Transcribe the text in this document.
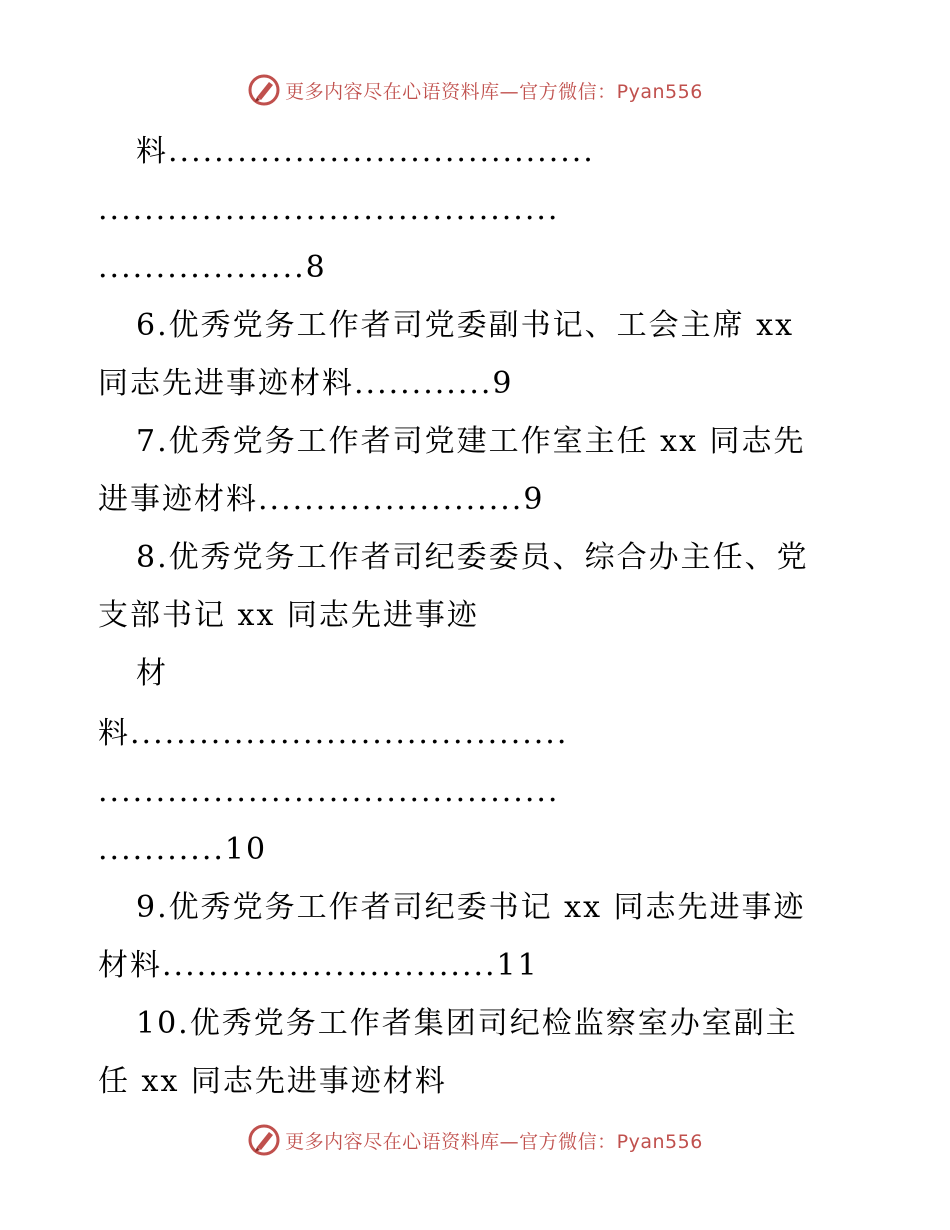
更多内容尽在心语资料库—官方微信：Pyan556
料.....................................
........................................
..................8
6.优秀党务工作者司党委副书记、工会主席 xx
同志先进事迹材料............9
7.优秀党务工作者司党建工作室主任 xx 同志先
进事迹材料.......................9
8.优秀党务工作者司纪委委员、综合办主任、党
支部书记 xx 同志先进事迹
材
料......................................
........................................
...........10
9.优秀党务工作者司纪委书记 xx 同志先进事迹
材料.............................11
10.优秀党务工作者集团司纪检监察室办室副主
任 xx 同志先进事迹材料
更多内容尽在心语资料库—官方微信：Pyan556
